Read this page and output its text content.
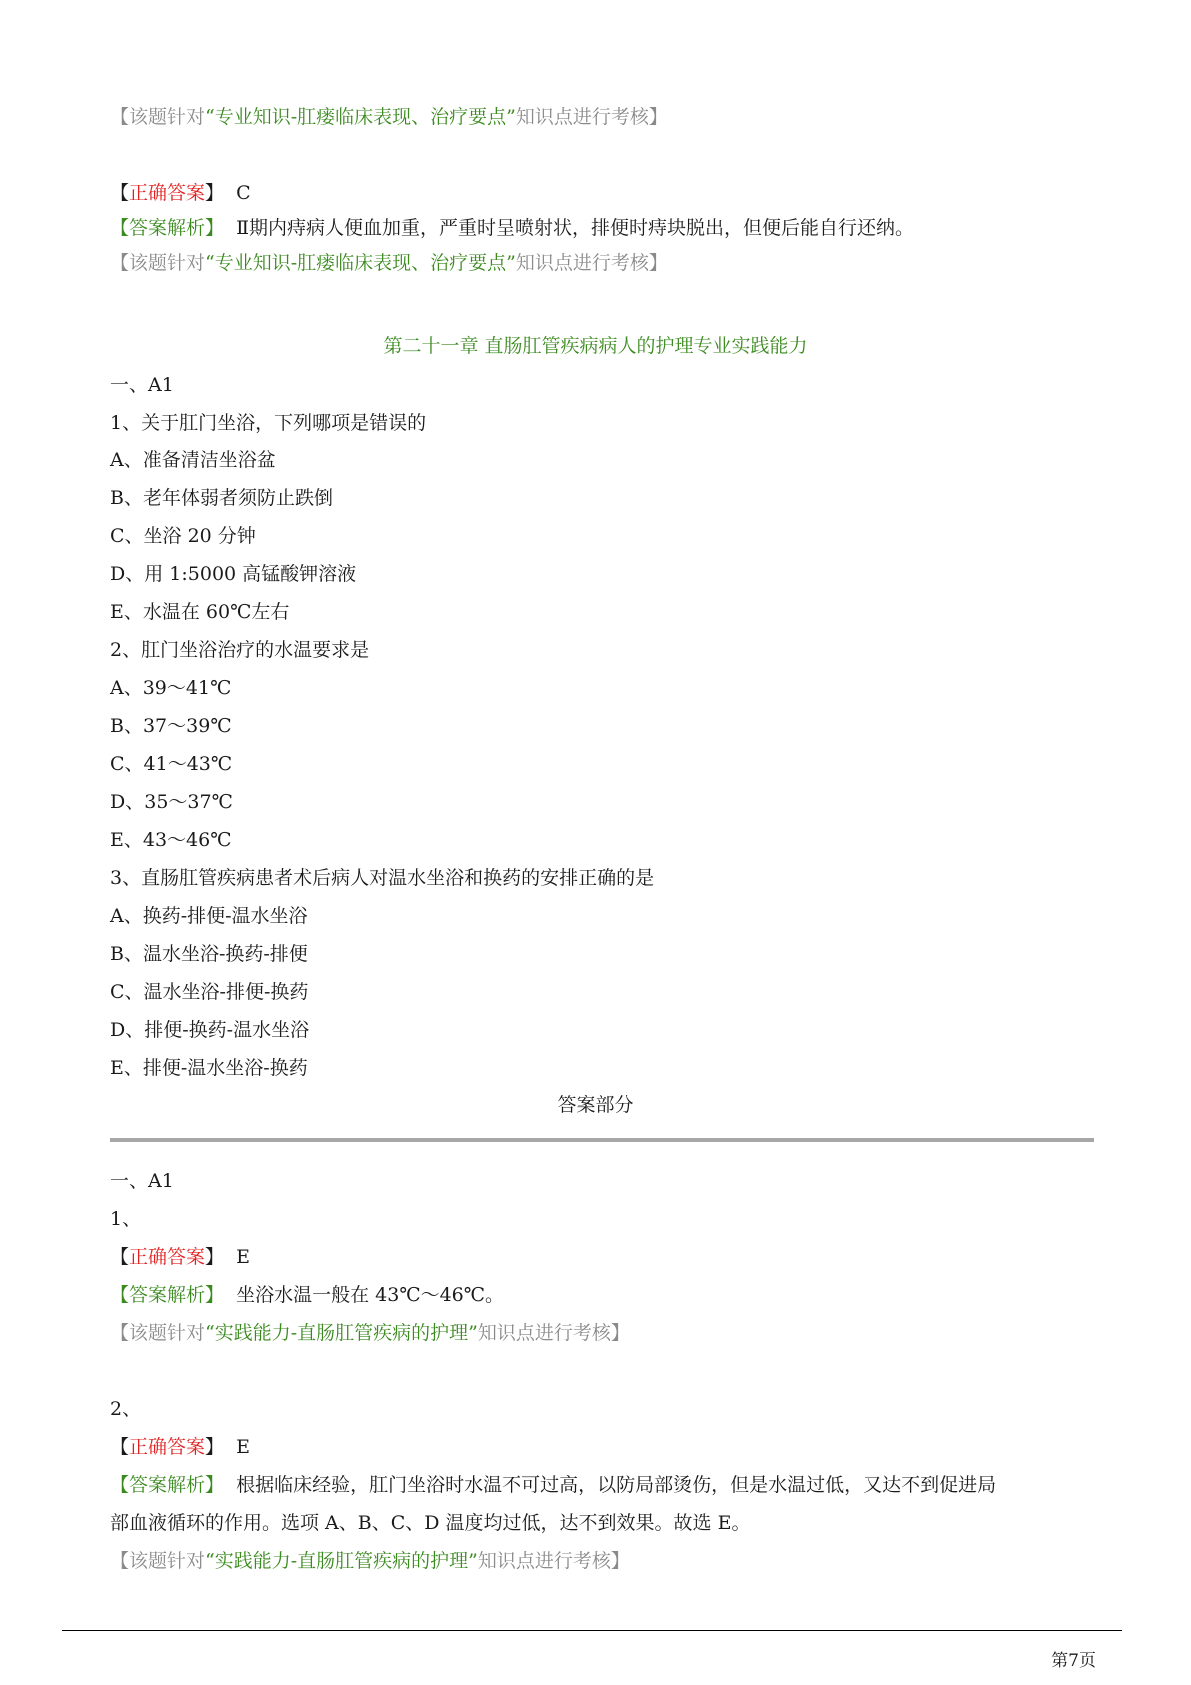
【该题针对“专业知识-肛瘘临床表现、治疗要点”知识点进行考核】
【正确答案】 C
【答案解析】 Ⅱ期内痔病人便血加重，严重时呈喷射状，排便时痔块脱出，但便后能自行还纳。
【该题针对“专业知识-肛瘘临床表现、治疗要点”知识点进行考核】
第二十一章 直肠肛管疾病病人的护理专业实践能力
一、A1
1、关于肛门坐浴，下列哪项是错误的
A、准备清洁坐浴盆
B、老年体弱者须防止跌倒
C、坐浴 20 分钟
D、用 1:5000 高锰酸钾溶液
E、水温在 60℃左右
2、肛门坐浴治疗的水温要求是
A、39～41℃
B、37～39℃
C、41～43℃
D、35～37℃
E、43～46℃
3、直肠肛管疾病患者术后病人对温水坐浴和换药的安排正确的是
A、换药-排便-温水坐浴
B、温水坐浴-换药-排便
C、温水坐浴-排便-换药
D、排便-换药-温水坐浴
E、排便-温水坐浴-换药
答案部分
一、A1
1、
【正确答案】 E
【答案解析】 坐浴水温一般在 43℃～46℃。
【该题针对“实践能力-直肠肛管疾病的护理”知识点进行考核】
2、
【正确答案】 E
【答案解析】 根据临床经验，肛门坐浴时水温不可过高，以防局部烫伤，但是水温过低，又达不到促进局
部血液循环的作用。选项 A、B、C、D 温度均过低，达不到效果。故选 E。
【该题针对“实践能力-直肠肛管疾病的护理”知识点进行考核】
第7页
